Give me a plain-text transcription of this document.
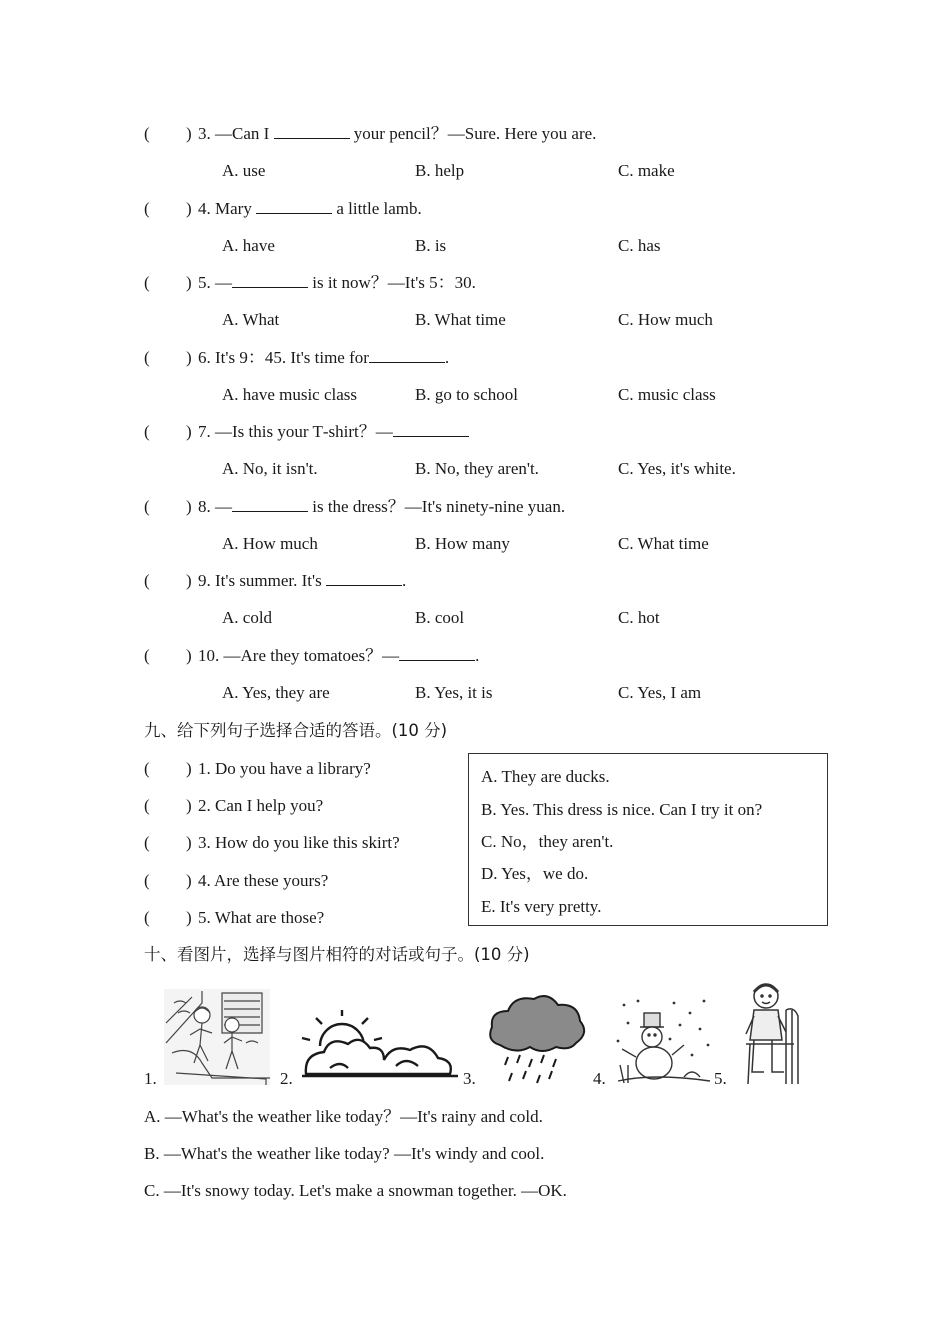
( ) 3. —Can I	your pencil？—Sure. Here you are.
A. use	B. help	C. make
( ) 4. Mary	a little lamb.
A. have	B. is	C. has
( ) 5. —	is it now？—It's 5：30.
A. What	B. What time	C. How much
( ) 6. It's 9：45. It's time for	.
A. have music class	B. go to school	C. music class
( ) 7. —Is this your T‑shirt？—
A. No, it isn't.	B. No, they aren't.	C. Yes, it's white.
( ) 8. —	is the dress？—It's ninety‑nine yuan.
A. How much	B. How many	C. What time
( ) 9. It's summer. It's	.
A. cold	B. cool	C. hot
( ) 10. —Are they tomatoes？—	.
A. Yes, they are	B. Yes, it is	C. Yes, I am
九、给下列句子选择合适的答语。(10 分)
( ) 1. Do you have a library?
( ) 2. Can I help you?
( ) 3. How do you like this skirt?
( ) 4. Are these yours?
( ) 5. What are those?
A. They are ducks.
B. Yes. This dress is nice. Can I try it on?
C. No，they aren't.
D. Yes，we do.
E. It's very pretty.
十、看图片，选择与图片相符的对话或句子。(10 分)
1.	2.	3.	4.	5.
A. —What's the weather like today？—It's rainy and cold.
B. —What's the weather like today? —It's windy and cool.
C. —It's snowy today. Let's make a snowman together. —OK.
